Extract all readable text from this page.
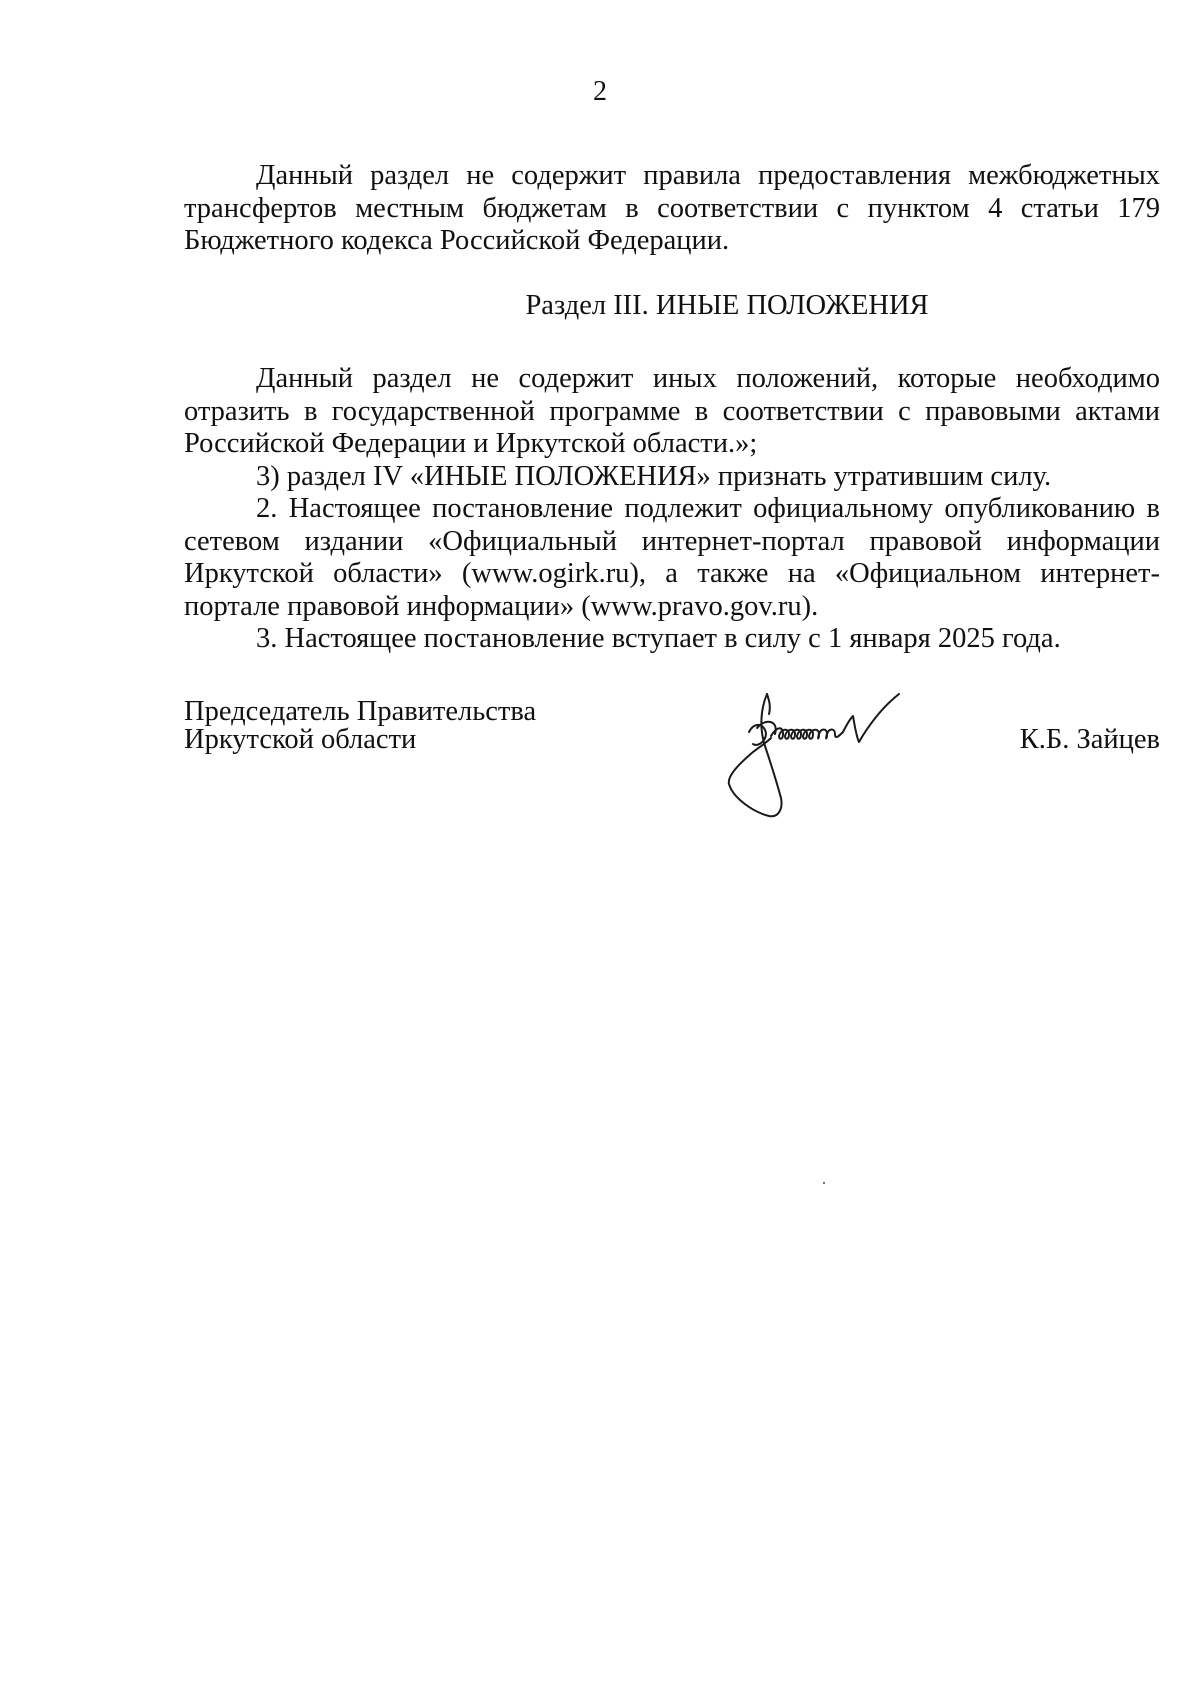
2

Данный раздел не содержит правила предоставления межбюджетных трансфертов местным бюджетам в соответствии с пунктом 4 статьи 179 Бюджетного кодекса Российской Федерации.

Раздел III. ИНЫЕ ПОЛОЖЕНИЯ

Данный раздел не содержит иных положений, которые необходимо отразить в государственной программе в соответствии с правовыми актами Российской Федерации и Иркутской области.»;

3) раздел IV «ИНЫЕ ПОЛОЖЕНИЯ» признать утратившим силу.

2. Настоящее постановление подлежит официальному опубликованию в сетевом издании «Официальный интернет-портал правовой информации Иркутской области» (www.ogirk.ru), а также на «Официальном интернет-портале правовой информации» (www.pravo.gov.ru).

3. Настоящее постановление вступает в силу с 1 января 2025 года.

Председатель Правительства
Иркутской области	К.Б. Зайцев
